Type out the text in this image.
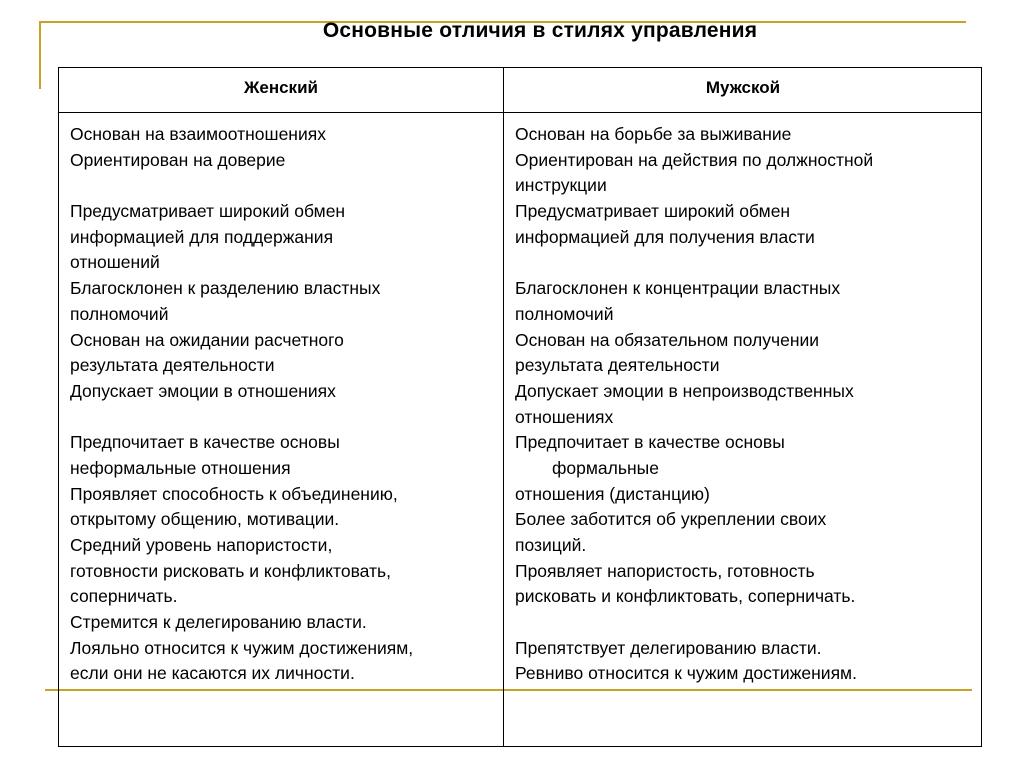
Основные отличия в стилях управления
Женский	Мужской
Основан на взаимоотношениях
Ориентирован на доверие
Предусматривает широкий обмен
информацией для поддержания
отношений
Благосклонен к разделению властных
полномочий
Основан на ожидании расчетного
результата деятельности
Допускает эмоции в отношениях
Предпочитает в качестве основы
неформальные отношения
Проявляет способность к объединению,
открытому общению, мотивации.
Средний уровень напористости,
готовности рисковать и конфликтовать,
соперничать.
Стремится к делегированию власти.
Лояльно относится к чужим достижениям,
если они не касаются их личности.
Основан на борьбе за выживание
Ориентирован на действия по должностной
инструкции
Предусматривает широкий обмен
информацией для получения власти
Благосклонен к концентрации властных
полномочий
Основан на обязательном получении
результата деятельности
Допускает эмоции в непроизводственных
отношениях
Предпочитает в качестве основы
формальные
отношения (дистанцию)
Более заботится об укреплении своих
позиций.
Проявляет напористость, готовность
рисковать и конфликтовать, соперничать.
Препятствует делегированию власти.
Ревниво относится к чужим достижениям.
